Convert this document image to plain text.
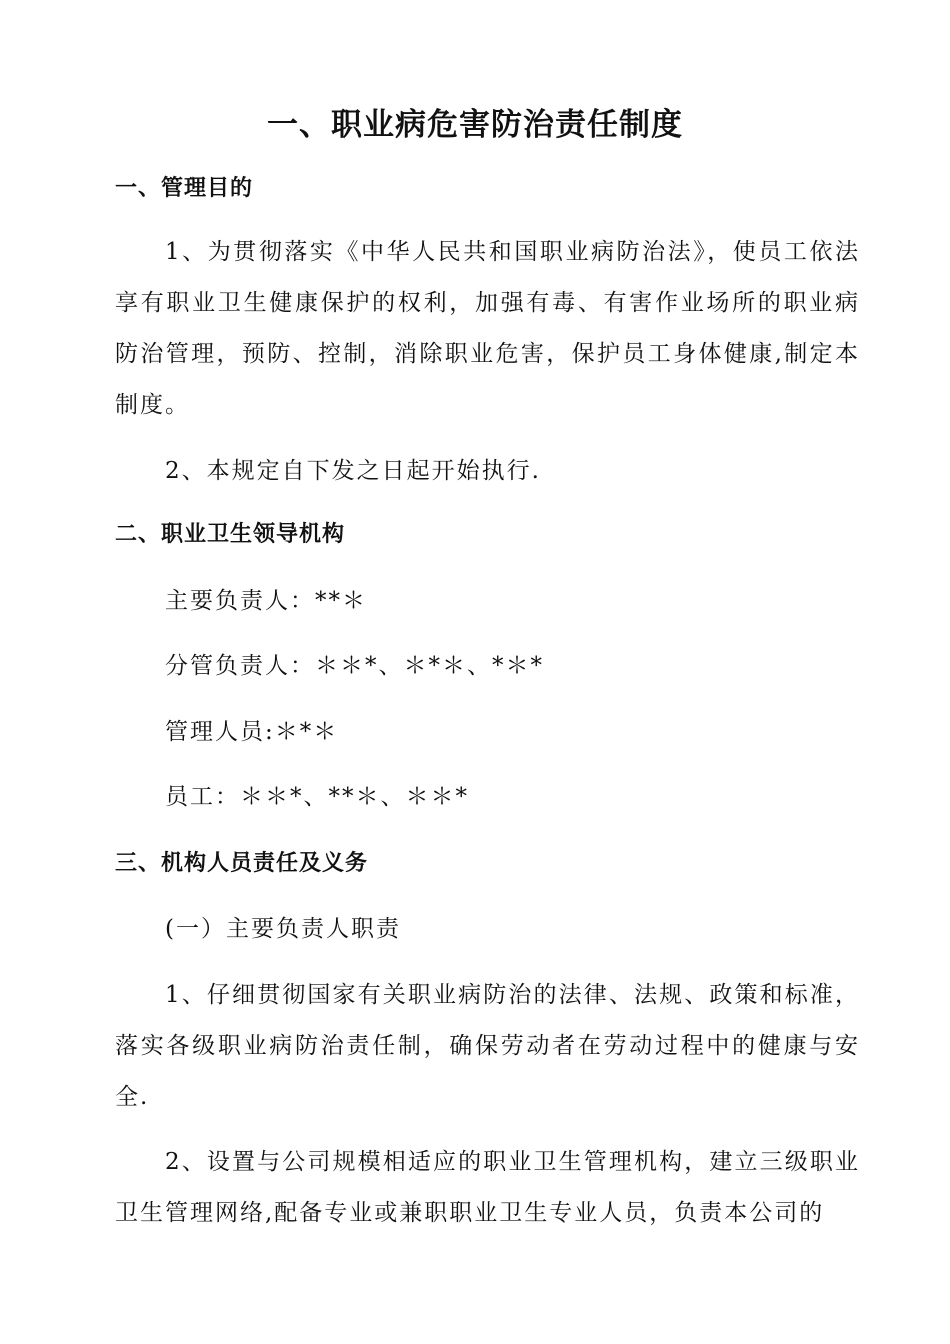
一、职业病危害防治责任制度
一、管理目的

1、为贯彻落实《中华人民共和国职业病防治法》，使员工依法享有职业卫生健康保护的权利，加强有毒、有害作业场所的职业病防治管理，预防、控制，消除职业危害，保护员工身体健康,制定本制度。

2、本规定自下发之日起开始执行.

二、职业卫生领导机构
主要负责人：**＊
分管负责人：＊＊*、＊*＊、*＊*
管理人员:＊*＊
员工：＊＊*、**＊、＊＊*
三、机构人员责任及义务
(一）主要负责人职责

1、仔细贯彻国家有关职业病防治的法律、法规、政策和标准，落实各级职业病防治责任制，确保劳动者在劳动过程中的健康与安全.

2、设置与公司规模相适应的职业卫生管理机构，建立三级职业卫生管理网络,配备专业或兼职职业卫生专业人员，负责本公司的
